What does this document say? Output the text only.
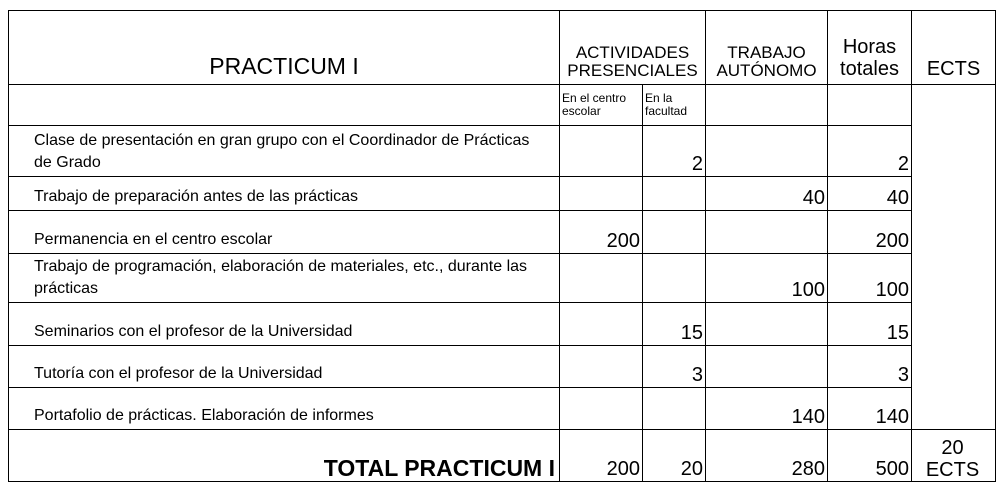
PRACTICUM I	ACTIVIDADES PRESENCIALES		TRABAJO AUTÓNOMO	Horas totales	ECTS
	En el centro escolar	En la facultad			
Clase de presentación en gran grupo con el Coordinador de Prácticas de Grado		2		2	
Trabajo de preparación antes de las prácticas			40	40	
Permanencia en el centro escolar	200			200	
Trabajo de programación, elaboración de materiales, etc., durante las prácticas			100	100	
Seminarios con el profesor de la Universidad		15		15	
Tutoría con el profesor de la Universidad		3		3	
Portafolio de prácticas. Elaboración de informes			140	140	
TOTAL PRACTICUM I	200	20	280	500	20 ECTS
